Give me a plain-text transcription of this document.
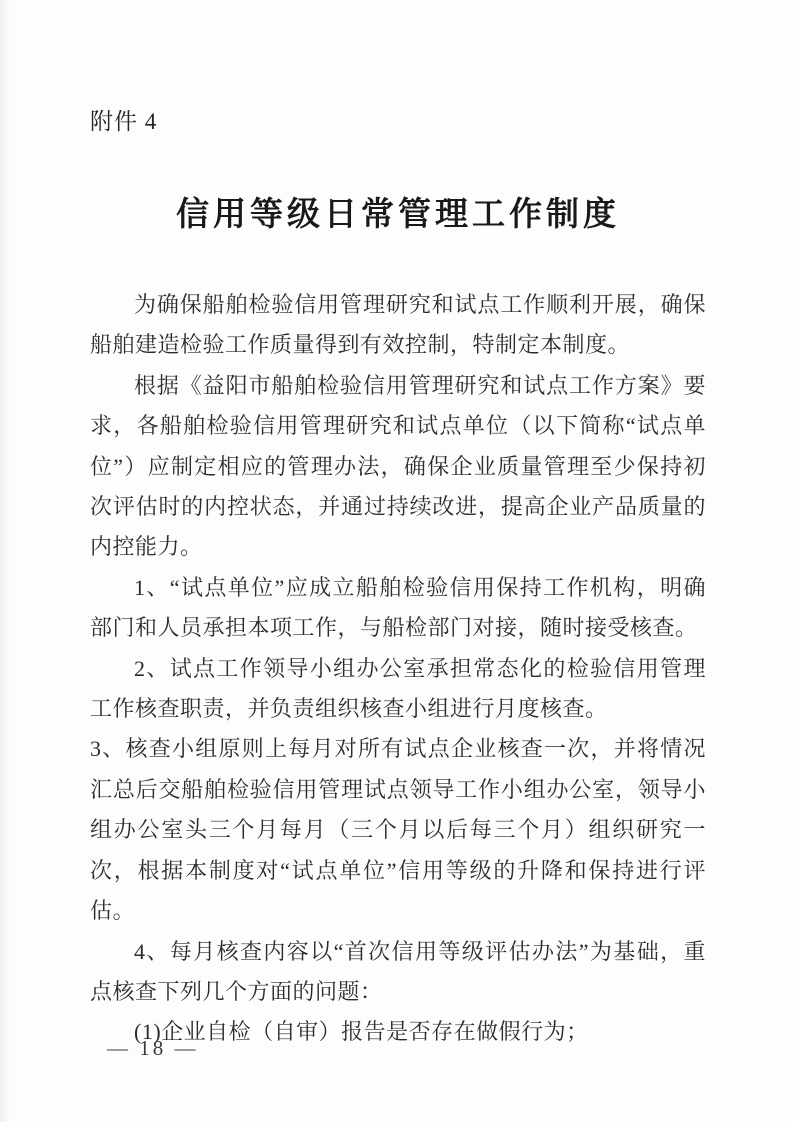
附件 4
信用等级日常管理工作制度

为确保船舶检验信用管理研究和试点工作顺利开展，确保船舶建造检验工作质量得到有效控制，特制定本制度。

根据《益阳市船舶检验信用管理研究和试点工作方案》要求，各船舶检验信用管理研究和试点单位（以下简称“试点单位”）应制定相应的管理办法，确保企业质量管理至少保持初次评估时的内控状态，并通过持续改进，提高企业产品质量的内控能力。

1、“试点单位”应成立船舶检验信用保持工作机构，明确部门和人员承担本项工作，与船检部门对接，随时接受核查。

2、试点工作领导小组办公室承担常态化的检验信用管理工作核查职责，并负责组织核查小组进行月度核查。

3、核查小组原则上每月对所有试点企业核查一次，并将情况汇总后交船舶检验信用管理试点领导工作小组办公室，领导小组办公室头三个月每月（三个月以后每三个月）组织研究一次，根据本制度对“试点单位”信用等级的升降和保持进行评估。

4、每月核查内容以“首次信用等级评估办法”为基础，重点核查下列几个方面的问题：

(1)企业自检（自审）报告是否存在做假行为；

— 18 —
